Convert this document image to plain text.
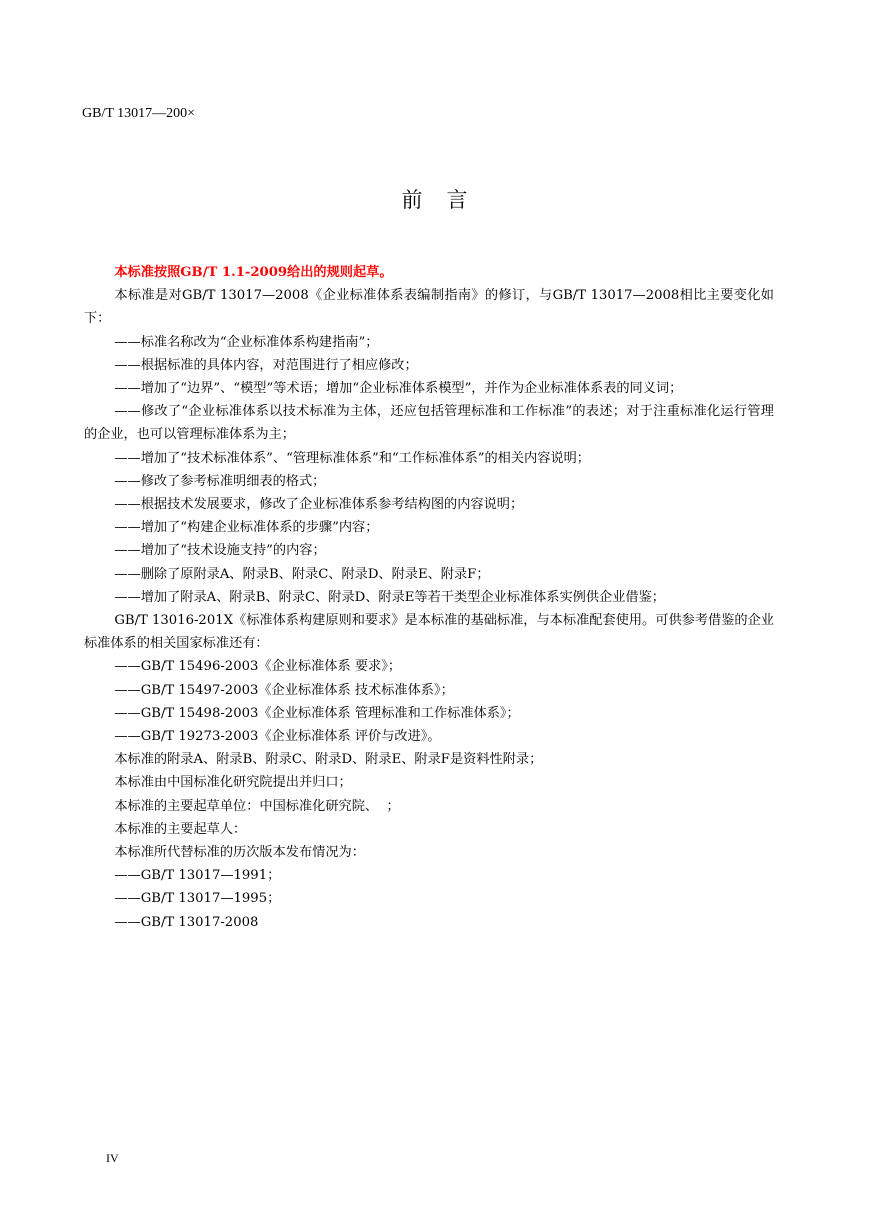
GB/T 13017—200×
前言

本标准按照GB/T 1.1-2009给出的规则起草。

本标准是对GB/T 13017—2008《企业标准体系表编制指南》的修订，与GB/T 13017—2008相比主要变化如下：

——标准名称改为“企业标准体系构建指南”；

——根据标准的具体内容，对范围进行了相应修改；

——增加了“边界”、“模型”等术语；增加“企业标准体系模型”，并作为企业标准体系表的同义词；

——修改了“企业标准体系以技术标准为主体，还应包括管理标准和工作标准”的表述；对于注重标准化运行管理的企业，也可以管理标准体系为主；

——增加了“技术标准体系”、“管理标准体系”和“工作标准体系”的相关内容说明；

——修改了参考标准明细表的格式；

——根据技术发展要求，修改了企业标准体系参考结构图的内容说明；

——增加了“构建企业标准体系的步骤”内容；

——增加了“技术设施支持”的内容；

——删除了原附录A、附录B、附录C、附录D、附录E、附录F；

——增加了附录A、附录B、附录C、附录D、附录E等若干类型企业标准体系实例供企业借鉴；

GB/T 13016-201X《标准体系构建原则和要求》是本标准的基础标准，与本标准配套使用。可供参考借鉴的企业标准体系的相关国家标准还有：

——GB/T 15496-2003《企业标准体系 要求》；

——GB/T 15497-2003《企业标准体系 技术标准体系》；

——GB/T 15498-2003《企业标准体系 管理标准和工作标准体系》；

——GB/T 19273-2003《企业标准体系 评价与改进》。

本标准的附录A、附录B、附录C、附录D、附录E、附录F是资料性附录；

本标准由中国标准化研究院提出并归口；

本标准的主要起草单位：中国标准化研究院、  ；

本标准的主要起草人：

本标准所代替标准的历次版本发布情况为：

——GB/T 13017—1991；

——GB/T 13017—1995；

——GB/T 13017-2008

IV
